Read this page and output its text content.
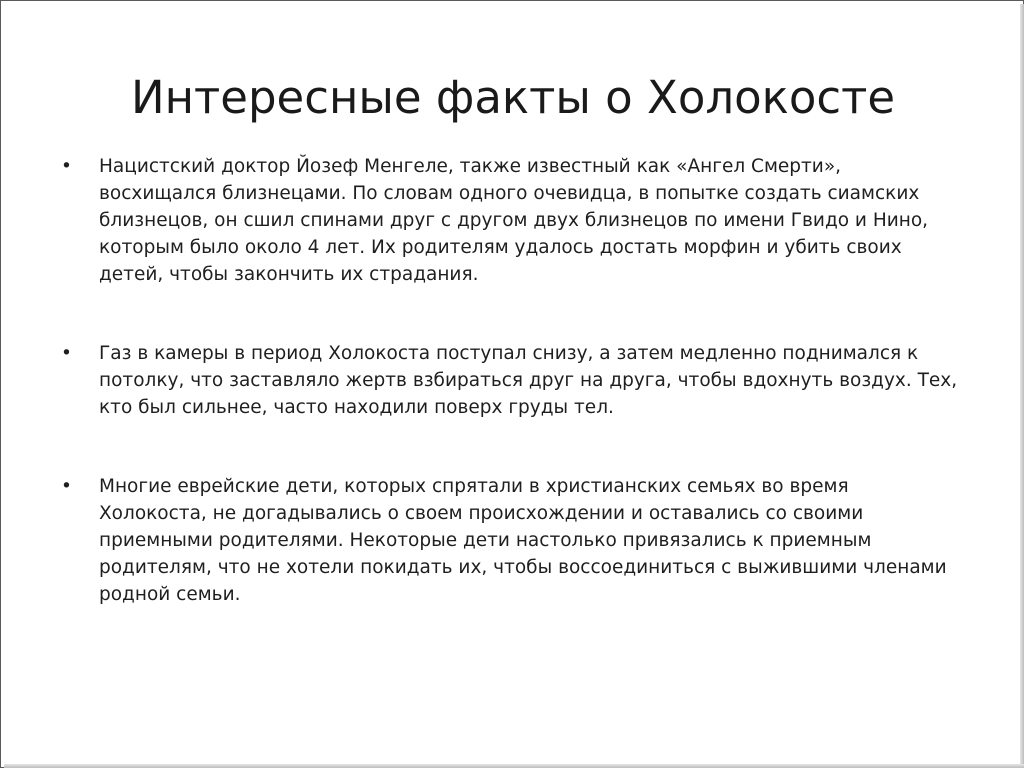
Интересные факты о Холокосте
•	Нацистский доктор Йозеф Менгеле, также известный как «Ангел Смерти», восхищался близнецами. По словам одного очевидца, в попытке создать сиамских близнецов, он сшил спинами друг с другом двух близнецов по имени Гвидо и Нино, которым было около 4 лет. Их родителям удалось достать морфин и убить своих детей, чтобы закончить их страдания.
•	Газ в камеры в период Холокоста поступал снизу, а затем медленно поднимался к потолку, что заставляло жертв взбираться друг на друга, чтобы вдохнуть воздух. Тех, кто был сильнее, часто находили поверх груды тел.
•	Многие еврейские дети, которых спрятали в христианских семьях во время Холокоста, не догадывались о своем происхождении и оставались со своими приемными родителями. Некоторые дети настолько привязались к приемным родителям, что не хотели покидать их, чтобы воссоединиться с выжившими членами родной семьи.
